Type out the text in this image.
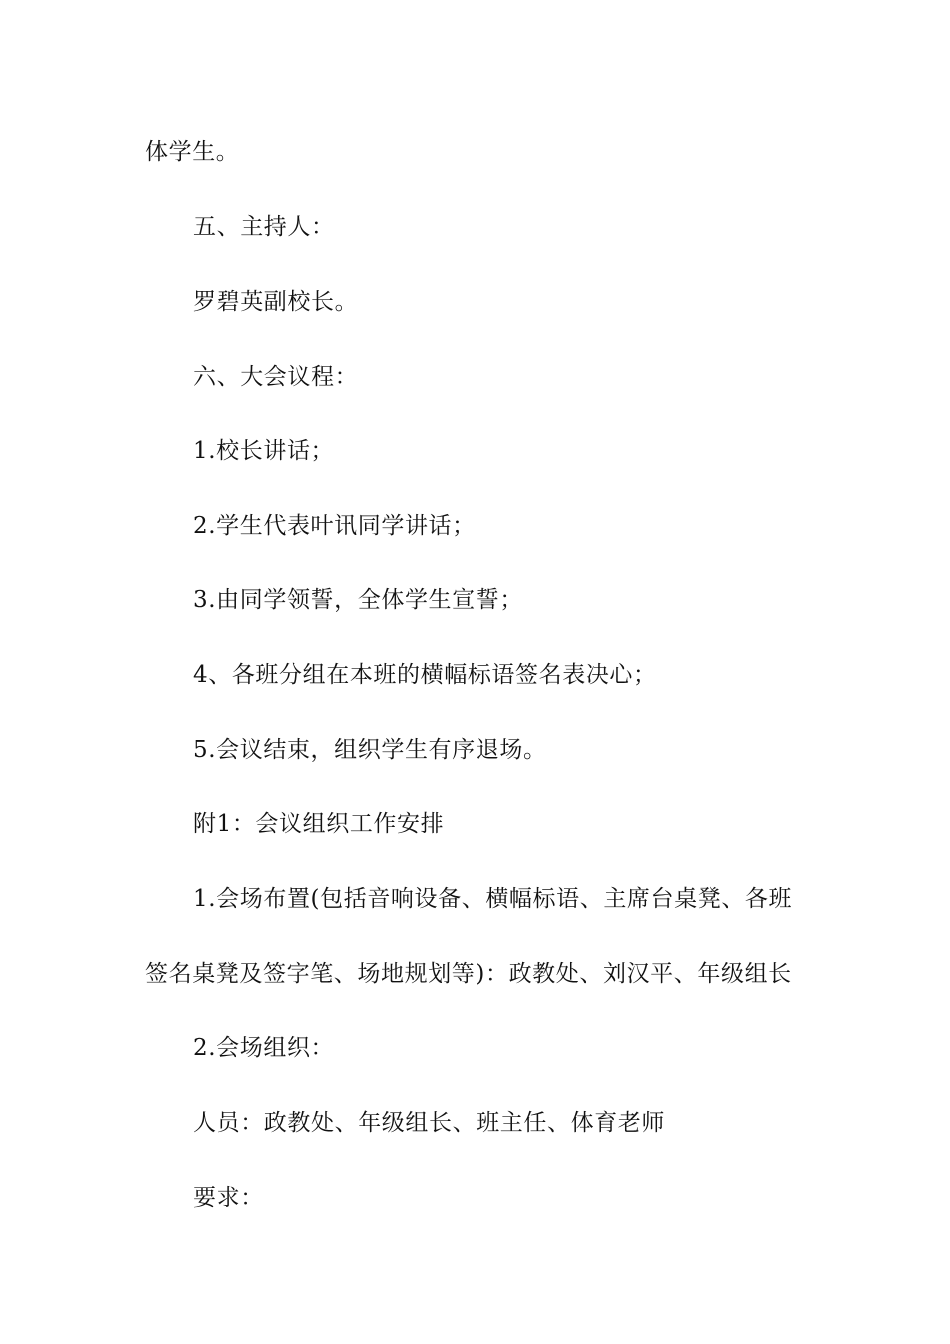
体学生。

五、主持人：

罗碧英副校长。

六、大会议程：

1.校长讲话；

2.学生代表叶讯同学讲话；

3.由同学领誓，全体学生宣誓；

4、各班分组在本班的横幅标语签名表决心；

5.会议结束，组织学生有序退场。

附1：会议组织工作安排

1.会场布置(包括音响设备、横幅标语、主席台桌凳、各班

签名桌凳及签字笔、场地规划等)：政教处、刘汉平、年级组长

2.会场组织：

人员：政教处、年级组长、班主任、体育老师

要求：
